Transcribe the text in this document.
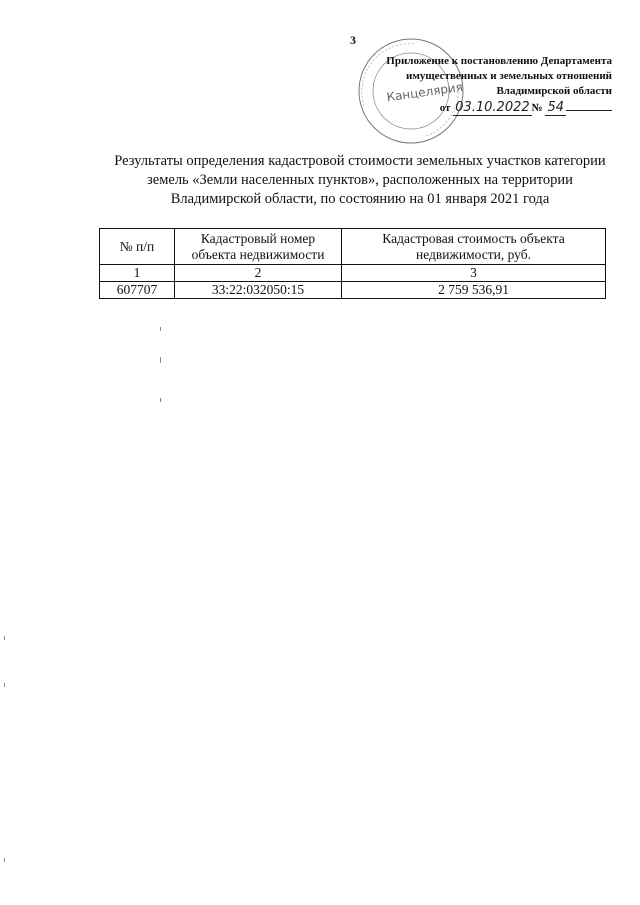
3
Канцелярия
Приложение к постановлению Департамента
имущественных и земельных отношений
Владимирской области
от 03.10.2022 № 54
Результаты определения кадастровой стоимости земельных участков категории
земель «Земли населенных пунктов», расположенных на территории
Владимирской области, по состоянию на 01 января 2021 года
№ п/п	Кадастровый номер объекта недвижимости	Кадастровая стоимость объекта недвижимости, руб.
1	2	3
607707	33:22:032050:15	2 759 536,91
